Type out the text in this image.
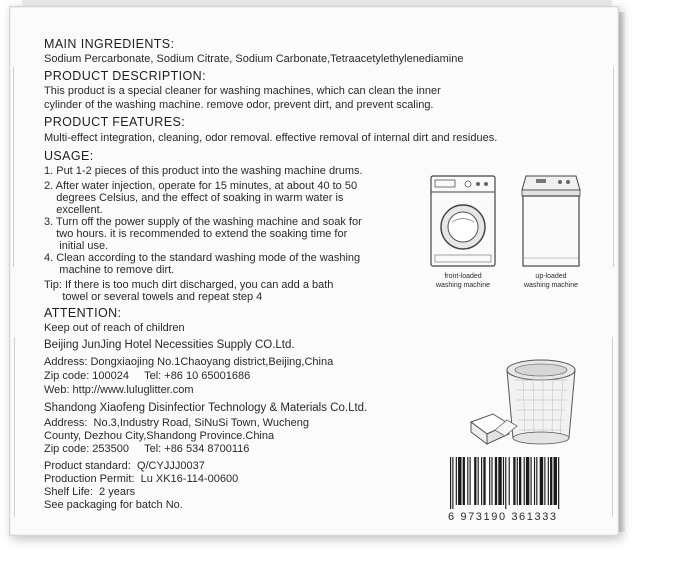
MAIN INGREDIENTS:
Sodium Percarbonate, Sodium Citrate, Sodium Carbonate,Tetraacetylethylenediamine
PRODUCT DESCRIPTION:
This product is a special cleaner for washing machines, which can clean the inner
cylinder of the washing machine. remove odor, prevent dirt, and prevent scaling.
PRODUCT FEATURES:
Multi-effect integration, cleaning, odor removal. effective removal of internal dirt and residues.
USAGE:
1. Put 1-2 pieces of this product into the washing machine drums.
2. After water injection, operate for 15 minutes, at about 40 to 50
degrees Celsius, and the effect of soaking in warm water is
excellent.
3. Turn off the power supply of the washing machine and soak for
two hours. it is recommended to extend the soaking time for
initial use.
4. Clean according to the standard washing mode of the washing
machine to remove dirt.
Tip: If there is too much dirt discharged, you can add a bath
towel or several towels and repeat step 4
front-loaded
washing machine
up-loaded
washing machine
ATTENTION:
Keep out of reach of children
Beijing JunJing Hotel Necessities Supply CO.Ltd.
Address: Dongxiaojing No.1Chaoyang district,Beijing,China
Zip code: 100024     Tel: +86 10 65001686
Web: http://www.luluglitter.com
Shandong Xiaofeng Disinfectior Technology & Materials Co.Ltd.
Address:  No.3,Industry Road, SiNuSi Town, Wucheng
County, Dezhou City,Shandong Province.China
Zip code: 253500     Tel: +86 534 8700116
Product standard:  Q/CYJJJ0037
Production Permit:  Lu XK16-114-00600
Shelf Life:  2 years
See packaging for batch No.
6 973190 361333
